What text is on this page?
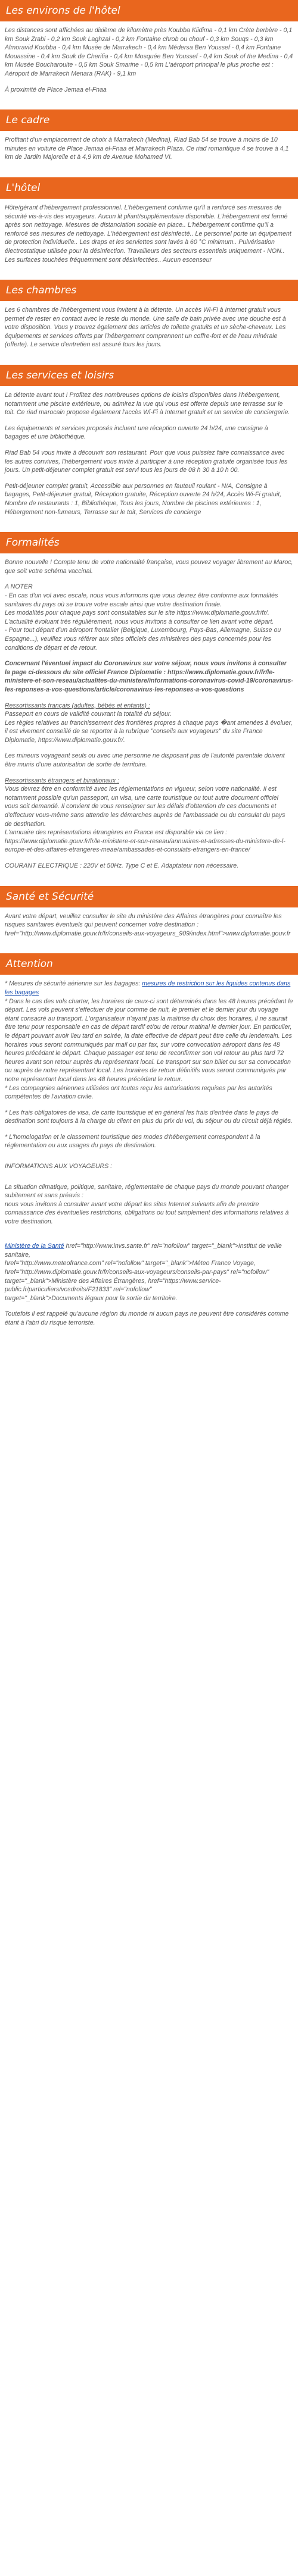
Les environs de l'hôtel

Les distances sont affichées au dixième de kilomètre près Koubba Kiidima - 0,1 km Crète berbère - 0,1 km Souk Zrabi - 0,2 km Souk Laghzal - 0,2 km Fontaine chrob ou chouf - 0,3 km Souqs - 0,3 km Almoravid Koubba - 0,4 km Musée de Marrakech - 0,4 km Médersa Ben Youssef - 0,4 km Fontaine Mouassine - 0,4 km Souk de Cherifia - 0,4 km Mosquée Ben Youssef - 0,4 km Souk of the Medina - 0,4 km Musée Boucharouite - 0,5 km Souk Smarine - 0,5 km L'aéroport principal le plus proche est : Aéroport de Marrakech Menara (RAK) - 9,1 km

À proximité de Place Jemaa el-Fnaa

Le cadre

Profitant d'un emplacement de choix à Marrakech (Medina), Riad Bab 54 se trouve à moins de 10 minutes en voiture de Place Jemaa el-Fnaa et Marrakech Plaza. Ce riad romantique 4 se trouve à 4,1 km de Jardin Majorelle et à 4,9 km de Avenue Mohamed VI.

L'hôtel

Hôte/gérant d'hébergement professionnel. L'hébergement confirme qu'il a renforcé ses mesures de sécurité vis-à-vis des voyageurs. Aucun lit pliant/supplémentaire disponible. L'hébergement est fermé après son nettoyage. Mesures de distanciation sociale en place.. L'hébergement confirme qu'il a renforcé ses mesures de nettoyage. L'hébergement est désinfecté.. Le personnel porte un équipement de protection individuelle.. Les draps et les serviettes sont lavés à 60 °C minimum.. Pulvérisation électrostatique utilisée pour la désinfection. Travailleurs des secteurs essentiels uniquement - NON.. Les surfaces touchées fréquemment sont désinfectées.. Aucun escenseur

Les chambres

Les 6 chambres de l'hébergement vous invitent à la détente. Un accès Wi-Fi à Internet gratuit vous permet de rester en contact avec le reste du monde. Une salle de bain privée avec une douche est à votre disposition. Vous y trouvez également des articles de toilette gratuits et un sèche-cheveux. Les équipements et services offerts par l'hébergement comprennent un coffre-fort et de l'eau minérale (offerte). Le service d'entretien est assuré tous les jours.

Les services et loisirs

La détente avant tout ! Profitez des nombreuses options de loisirs disponibles dans l'hébergement, notamment une piscine extérieure, ou admirez la vue qui vous est offerte depuis une terrasse sur le toit. Ce riad marocain propose également l'accès Wi-Fi à Internet gratuit et un service de conciergerie.

Les équipements et services proposés incluent une réception ouverte 24 h/24, une consigne à bagages et une bibliothèque.

Riad Bab 54 vous invite à découvrir son restaurant. Pour que vous puissiez faire connaissance avec les autres convives, l'hébergement vous invite à participer à une réception gratuite organisée tous les jours. Un petit-déjeuner complet gratuit est servi tous les jours de 08 h 30 à 10 h 00.

Petit-déjeuner complet gratuit, Accessible aux personnes en fauteuil roulant - N/A, Consigne à bagages, Petit-déjeuner gratuit, Réception gratuite, Réception ouverte 24 h/24, Accès Wi-Fi gratuit, Nombre de restaurants : 1, Bibliothèque, Tous les jours, Nombre de piscines extérieures : 1, Hébergement non-fumeurs, Terrasse sur le toit, Services de concierge

Formalités

Bonne nouvelle ! Compte tenu de votre nationalité française, vous pouvez voyager librement au Maroc, que soit votre schéma vaccinal.

A NOTER
- En cas d'un vol avec escale, nous vous informons que vous devrez être conforme aux formalités sanitaires du pays où se trouve votre escale ainsi que votre destination finale.
Les modalités pour chaque pays sont consultables sur le site https://www.diplomatie.gouv.fr/fr/. L'actualité évoluant très régulièrement, nous vous invitons à consulter ce lien avant votre départ.
- Pour tout départ d'un aéroport frontalier (Belgique, Luxembourg, Pays-Bas, Allemagne, Suisse ou Espagne...), veuillez vous référer aux sites officiels des ministères des pays concernés pour les conditions de départ et de retour.

Concernant l'éventuel impact du Coronavirus sur votre séjour, nous vous invitons à consulter la page ci-dessous du site officiel France Diplomatie : https://www.diplomatie.gouv.fr/fr/le-ministere-et-son-reseau/actualites-du-ministere/informations-coronavirus-covid-19/coronavirus-les-reponses-a-vos-questions/article/coronavirus-les-reponses-a-vos-questions

Ressortissants français (adultes, bébés et enfants) :

Passeport en cours de validité couvrant la totalité du séjour.
Les règles relatives au franchissement des frontières propres à chaque pays �ant amenées à évoluer, il est vivement conseillé de se reporter à la rubrique "conseils aux voyageurs" du site France Diplomatie, https://www.diplomatie.gouv.fr/.

Les mineurs voyageant seuls ou avec une personne ne disposant pas de l'autorité parentale doivent être munis d'une autorisation de sortie de territoire.

Ressortissants étrangers et binationaux :

Vous devrez être en conformité avec les réglementations en vigueur, selon votre nationalité. Il est notamment possible qu'un passeport, un visa, une carte touristique ou tout autre document officiel vous soit demandé. Il convient de vous renseigner sur les délais d'obtention de ces documents et d'effectuer vous-même sans attendre les démarches auprès de l'ambassade ou du consulat du pays de destination.
L'annuaire des représentations étrangères en France est disponible via ce lien : https://www.diplomatie.gouv.fr/fr/le-ministere-et-son-reseau/annuaires-et-adresses-du-ministere-de-l-europe-et-des-affaires-etrangeres-meae/ambassades-et-consulats-etrangers-en-france/

COURANT ELECTRIQUE : 220V et 50Hz. Type C et E. Adaptateur non nécessaire.

Santé et Sécurité

Avant votre départ, veuillez consulter le site du ministère des Affaires étrangères pour connaître les risques sanitaires éventuels qui peuvent concerner votre destination : href="http://www.diplomatie.gouv.fr/fr/conseils-aux-voyageurs_909/index.html">www.diplomatie.gouv.fr

Attention

* Mesures de sécurité aérienne sur les bagages: mesures de restriction sur les liquides contenus dans les bagages

* Dans le cas des vols charter, les horaires de ceux-ci sont déterminés dans les 48 heures précédant le départ. Les vols peuvent s'effectuer de jour comme de nuit, le premier et le dernier jour du voyage étant consacré au transport. L'organisateur n'ayant pas la maîtrise du choix des horaires, il ne saurait être tenu pour responsable en cas de départ tardif et/ou de retour matinal le dernier jour. En particulier, le départ pouvant avoir lieu tard en soirée, la date effective de départ peut être celle du lendemain. Les horaires vous seront communiqués par mail ou par fax, sur votre convocation aéroport dans les 48 heures précédant le départ. Chaque passager est tenu de reconfirmer son vol retour au plus tard 72 heures avant son retour auprès du représentant local. Le transport sur son billet ou sur sa convocation ou auprès de notre représentant local. Les horaires de retour définitifs vous seront communiqués par notre représentant local dans les 48 heures précédant le retour.
* Les compagnies aériennes utilisées ont toutes reçu les autorisations requises par les autorités compétentes de l'aviation civile.

* Les frais obligatoires de visa, de carte touristique et en général les frais d'entrée dans le pays de destination sont toujours à la charge du client en plus du prix du vol, du séjour ou du circuit déjà réglés.

* L'homologation et le classement touristique des modes d'hébergement correspondent à la réglementation ou aux usages du pays de destination.

INFORMATIONS AUX VOYAGEURS :

La situation climatique, politique, sanitaire, réglementaire de chaque pays du monde pouvant changer subitement et sans préavis :
nous vous invitons à consulter avant votre départ les sites Internet suivants afin de prendre connaissance des éventuelles restrictions, obligations ou tout simplement des informations relatives à votre destination.

Ministère de la Santé href="http://www.invs.sante.fr" rel="nofollow" target="_blank">Institut de veille sanitaire,
href="http://www.meteofrance.com" rel="nofollow" target="_blank">Méteo France Voyage, href="http://www.diplomatie.gouv.fr/fr/conseils-aux-voyageurs/conseils-par-pays" rel="nofollow"
target="_blank">Ministère des Affaires Étrangères, href="https://www.service-public.fr/particuliers/vosdroits/F21833" rel="nofollow"
target="_blank">Documents légaux pour la sortie du territoire.

Toutefois il est rappelé qu'aucune région du monde ni aucun pays ne peuvent être considérés comme étant à l'abri du risque terroriste.
